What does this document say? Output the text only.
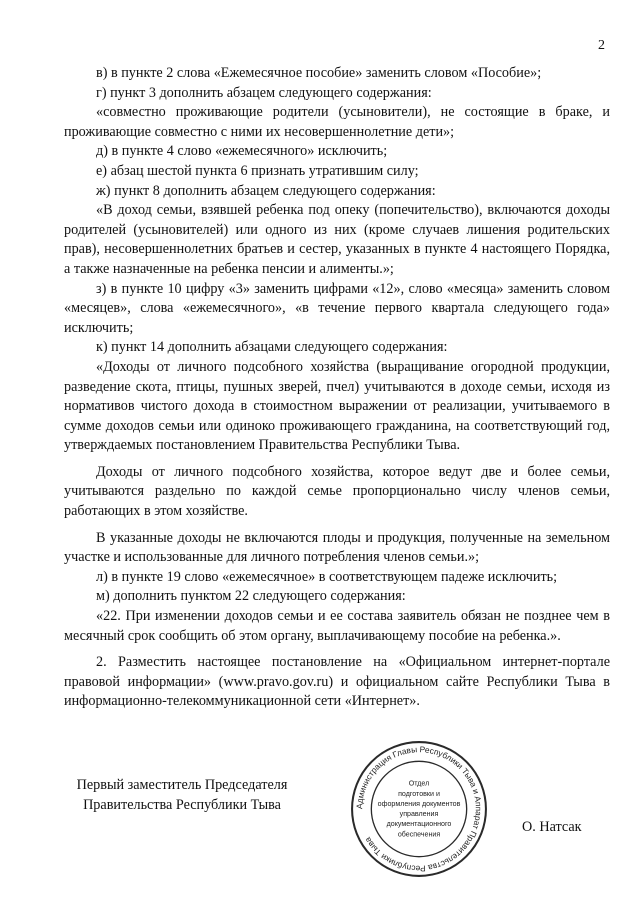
2

в) в пункте 2 слова «Ежемесячное пособие» заменить словом «Пособие»;

г) пункт 3 дополнить абзацем следующего содержания:

«совместно проживающие родители (усыновители), не состоящие в браке, и проживающие совместно с ними их несовершеннолетние дети»;

д) в пункте 4 слово «ежемесячного» исключить;

е) абзац шестой пункта 6 признать утратившим силу;

ж) пункт 8 дополнить абзацем следующего содержания:

«В доход семьи, взявшей ребенка под опеку (попечительство), включаются доходы родителей (усыновителей) или одного из них (кроме случаев лишения родительских прав), несовершеннолетних братьев и сестер, указанных в пункте 4 настоящего Порядка, а также назначенные на ребенка пенсии и алименты.»;

з) в пункте 10 цифру «3» заменить цифрами «12», слово «месяца» заменить словом «месяцев», слова «ежемесячного», «в течение первого квартала следующего года» исключить;

к) пункт 14 дополнить абзацами следующего содержания:

«Доходы от личного подсобного хозяйства (выращивание огородной продукции, разведение скота, птицы, пушных зверей, пчел) учитываются в доходе семьи, исходя из нормативов чистого дохода в стоимостном выражении от реализации, учитываемого в сумме доходов семьи или одиноко проживающего гражданина, на соответствующий год, утверждаемых постановлением Правительства Республики Тыва.

Доходы от личного подсобного хозяйства, которое ведут две и более семьи, учитываются раздельно по каждой семье пропорционально числу членов семьи, работающих в этом хозяйстве.

В указанные доходы не включаются плоды и продукция, полученные на земельном участке и использованные для личного потребления членов семьи.»;

л) в пункте 19 слово «ежемесячное» в соответствующем падеже исключить;

м) дополнить пунктом 22 следующего содержания:

«22. При изменении доходов семьи и ее состава заявитель обязан не позднее чем в месячный срок сообщить об этом органу, выплачивающему пособие на ребенка.».

2. Разместить настоящее постановление на «Официальном интернет-портале правовой информации» (www.pravo.gov.ru) и официальном сайте Республики Тыва в информационно-телекоммуникационной сети «Интернет».

Первый заместитель Председателя
Правительства Республики Тыва	Администрация Главы Республики Тыва и Аппарат Правительства Республики Тыва
Отдел
подготовки и
оформления документов
управления
документационного
обеспечения	О. Натсак
